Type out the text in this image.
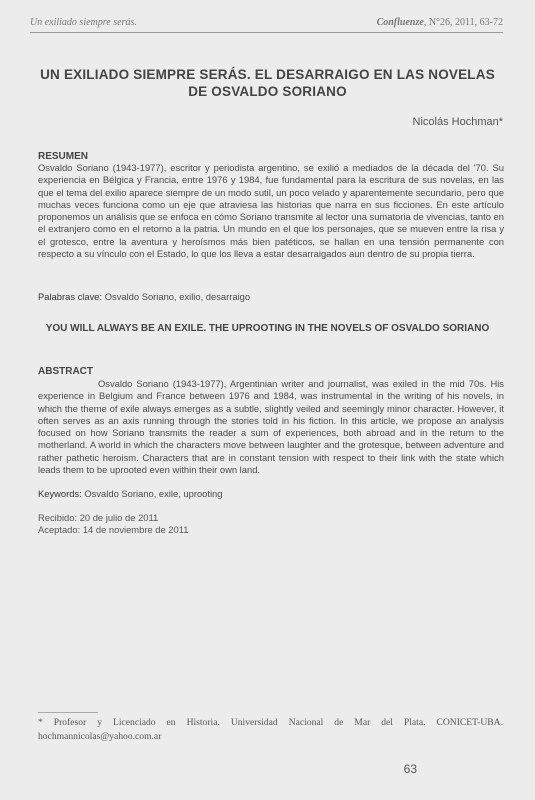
Un exiliado siempre serás.	Confluenze, N°26, 2011, 63-72
UN EXILIADO SIEMPRE SERÁS. EL DESARRAIGO EN LAS NOVELAS DE OSVALDO SORIANO
Nicolás Hochman*
RESUMEN
Osvaldo Soriano (1943-1977), escritor y periodista argentino, se exilió a mediados de la década del '70. Su experiencia en Bélgica y Francia, entre 1976 y 1984, fue fundamental para la escritura de sus novelas, en las que el tema del exilio aparece siempre de un modo sutil, un poco velado y aparentemente secundario, pero que muchas veces funciona como un eje que atraviesa las historias que narra en sus ficciones. En este artículo proponemos un análisis que se enfoca en cómo Soriano transmite al lector una sumatoria de vivencias, tanto en el extranjero como en el retorno a la patria. Un mundo en el que los personajes, que se mueven entre la risa y el grotesco, entre la aventura y heroísmos más bien patéticos, se hallan en una tensión permanente con respecto a su vínculo con el Estado, lo que los lleva a estar desarraigados aun dentro de su propia tierra.
Palabras clave: Osvaldo Soriano, exilio, desarraigo
YOU WILL ALWAYS BE AN EXILE. THE UPROOTING IN THE NOVELS OF OSVALDO SORIANO
ABSTRACT
Osvaldo Soriano (1943-1977), Argentinian writer and journalist, was exiled in the mid 70s. His experience in Belgium and France between 1976 and 1984, was instrumental in the writing of his novels, in which the theme of exile always emerges as a subtle, slightly veiled and seemingly minor character. However, it often serves as an axis running through the stories told in his fiction. In this article, we propose an analysis focused on how Soriano transmits the reader a sum of experiences, both abroad and in the return to the motherland. A world in which the characters move between laughter and the grotesque, between adventure and rather pathetic heroism. Characters that are in constant tension with respect to their link with the state which leads them to be uprooted even within their own land.
Keywords: Osvaldo Soriano, exile, uprooting
Recibido: 20 de julio de 2011
Aceptado: 14 de noviembre de 2011
* Profesor y Licenciado en Historia. Universidad Nacional de Mar del Plata. CONICET-UBA. hochmannicolas@yahoo.com.ar
63
